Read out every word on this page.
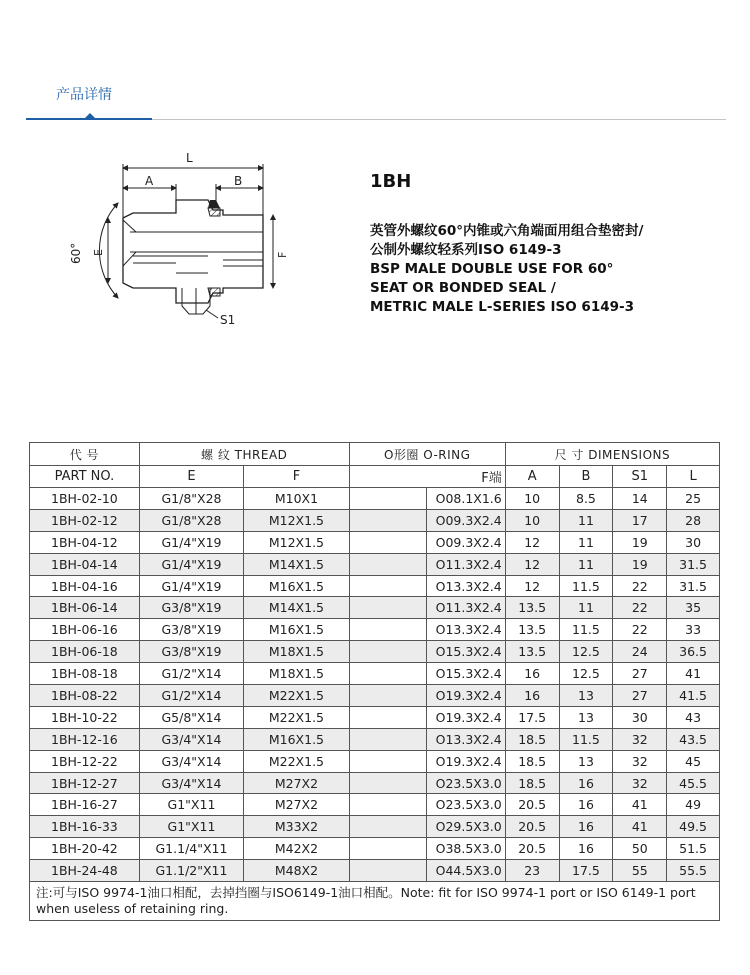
产品详情
L
A	B
E	F
60°
S1
1BH
英管外螺纹60°内锥或六角端面用组合垫密封/
公制外螺纹轻系列ISO 6149-3
BSP MALE DOUBLE USE FOR 60°
SEAT OR BONDED SEAL /
METRIC MALE L-SERIES ISO 6149-3
代 号	螺 纹 THREAD		O形圈 O-RING		尺 寸 DIMENSIONS			
PART NO.	E	F	F端		A	B	S1	L
1BH-02-10	G1/8"X28	M10X1		O08.1X1.6	10	8.5	14	25
1BH-02-12	G1/8"X28	M12X1.5		O09.3X2.4	10	11	17	28
1BH-04-12	G1/4"X19	M12X1.5		O09.3X2.4	12	11	19	30
1BH-04-14	G1/4"X19	M14X1.5		O11.3X2.4	12	11	19	31.5
1BH-04-16	G1/4"X19	M16X1.5		O13.3X2.4	12	11.5	22	31.5
1BH-06-14	G3/8"X19	M14X1.5		O11.3X2.4	13.5	11	22	35
1BH-06-16	G3/8"X19	M16X1.5		O13.3X2.4	13.5	11.5	22	33
1BH-06-18	G3/8"X19	M18X1.5		O15.3X2.4	13.5	12.5	24	36.5
1BH-08-18	G1/2"X14	M18X1.5		O15.3X2.4	16	12.5	27	41
1BH-08-22	G1/2"X14	M22X1.5		O19.3X2.4	16	13	27	41.5
1BH-10-22	G5/8"X14	M22X1.5		O19.3X2.4	17.5	13	30	43
1BH-12-16	G3/4"X14	M16X1.5		O13.3X2.4	18.5	11.5	32	43.5
1BH-12-22	G3/4"X14	M22X1.5		O19.3X2.4	18.5	13	32	45
1BH-12-27	G3/4"X14	M27X2		O23.5X3.0	18.5	16	32	45.5
1BH-16-27	G1"X11	M27X2		O23.5X3.0	20.5	16	41	49
1BH-16-33	G1"X11	M33X2		O29.5X3.0	20.5	16	41	49.5
1BH-20-42	G1.1/4"X11	M42X2		O38.5X3.0	20.5	16	50	51.5
1BH-24-48	G1.1/2"X11	M48X2		O44.5X3.0	23	17.5	55	55.5
注:可与ISO 9974-1油口相配，去掉挡圈与ISO6149-1油口相配。Note: fit for ISO 9974-1 port or ISO 6149-1 port when useless of retaining ring.								
